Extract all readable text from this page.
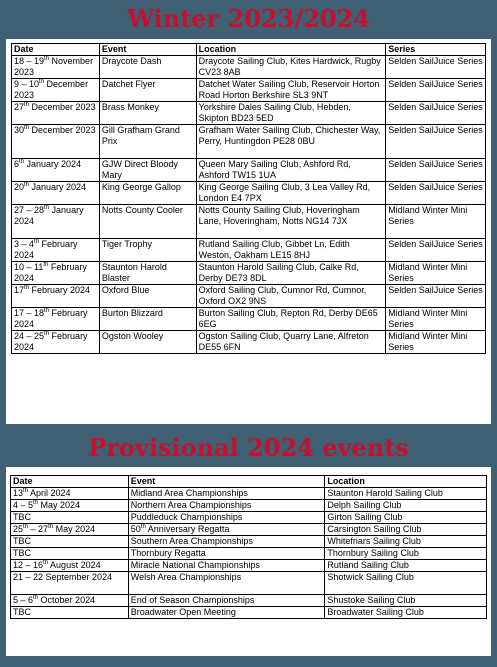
Winter 2023/2024
Date	Event	Location	Series
18 – 19th November 2023	Draycote Dash	Draycote Sailing Club, Kites Hardwick, Rugby CV23 8AB	Selden SailJuice Series
9 – 10th December 2023	Datchet Flyer	Datchet Water Sailing Club, Reservoir Horton Road Horton Berkshire SL3 9NT	Selden SailJuice Series
27th December 2023	Brass Monkey	Yorkshire Dales Sailing Club, Hebden, Skipton BD23 5ED	Selden SailJuice Series
30th December 2023	Gill Grafham Grand Prix	Grafham Water Sailing Club, Chichester Way, Perry, Huntingdon PE28 0BU	Selden SailJuice Series
6th January 2024	GJW Direct Bloody Mary	Queen Mary Sailing Club, Ashford Rd, Ashford TW15 1UA	Selden SailJuice Series
20th January 2024	King George Gallop	King George Sailing Club, 3 Lea Valley Rd, London E4 7PX	Selden SailJuice Series
27 – 28th January 2024	Notts County Cooler	Notts County Sailing Club, Hoveringham Lane, Hoveringham, Notts NG14 7JX	Midland Winter Mini Series
3 – 4th February 2024	Tiger Trophy	Rutland Sailing Club, Gibbet Ln, Edith Weston, Oakham LE15 8HJ	Selden SailJuice Series
10 – 11th February 2024	Staunton Harold Blaster	Staunton Harold Sailing Club, Calke Rd, Derby DE73 8DL	Midland Winter Mini Series
17th February 2024	Oxford Blue	Oxford Sailing Club, Cumnor Rd, Cumnor, Oxford OX2 9NS	Selden SailJuice Series
17 – 18th February 2024	Burton Blizzard	Burton Sailing Club, Repton Rd, Derby DE65 6EG	Midland Winter Mini Series
24 – 25th February 2024	Ogston Wooley	Ogston Sailing Club, Quarry Lane, Alfreton DE55 6FN	Midland Winter Mini Series
Provisional 2024 events
Date	Event	Location
13th April 2024	Midland Area Championships	Staunton Harold Sailing Club
4 – 5th May 2024	Northern Area Championships	Delph Sailing Club
TBC	Puddleduck Championships	Girton Sailing Club
25th – 27th May 2024	50th Anniversary Regatta	Carsington Sailing Club
TBC	Southern Area Championships	Whitefriars Sailing Club
TBC	Thornbury Regatta	Thornbury Sailing Club
12 – 16th August 2024	Miracle National Championships	Rutland Sailing Club
21 – 22 September 2024	Welsh Area Championships	Shotwick Sailing Club
5 – 6th October 2024	End of Season Championships	Shustoke Sailing Club
TBC	Broadwater Open Meeting	Broadwater Sailing Club
